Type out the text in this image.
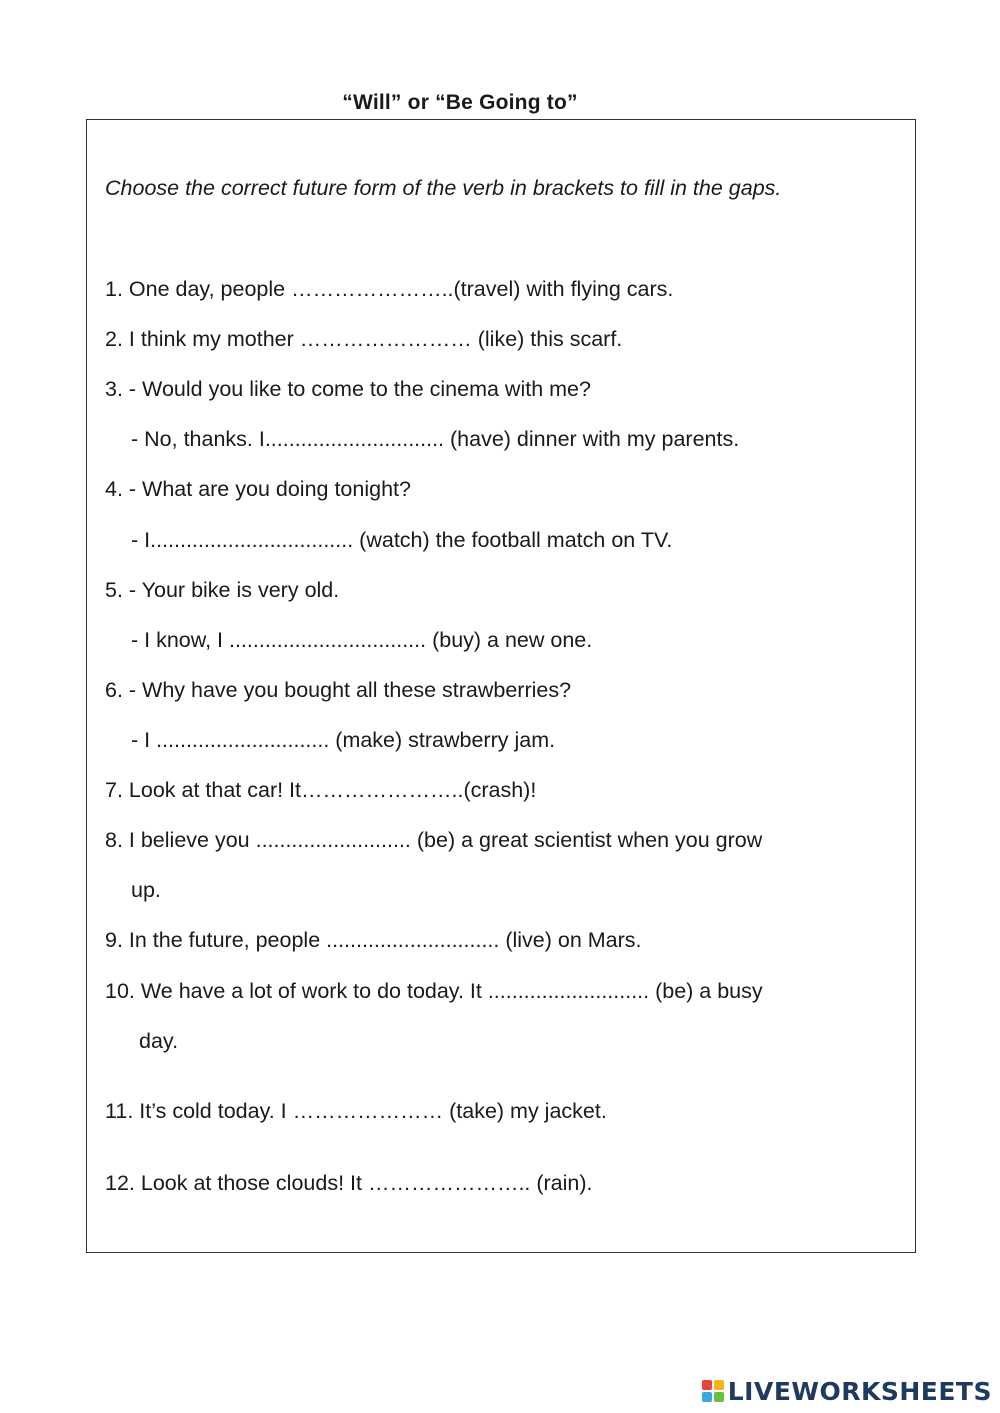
“Will” or “Be Going to”
Choose the correct future form of the verb in brackets to fill in the gaps.
1. One day, people …………………..(travel) with flying cars.
2. I think my mother …………………… (like) this scarf.
3. - Would you like to come to the cinema with me?
- No, thanks. I.............................. (have) dinner with my parents.
4. - What are you doing tonight?
- I.................................. (watch) the football match on TV.
5. - Your bike is very old.
- I know, I ................................. (buy) a new one.
6. - Why have you bought all these strawberries?
- I ............................. (make) strawberry jam.
7. Look at that car! It…………………..(crash)!
8. I believe you .......................... (be) a great scientist when you grow
up.
9. In the future, people ............................. (live) on Mars.
10. We have a lot of work to do today. It ........................... (be) a busy
day.
11. It’s cold today. I ………………… (take) my jacket.
12. Look at those clouds! It ………………….. (rain).
LIVEWORKSHEETS
